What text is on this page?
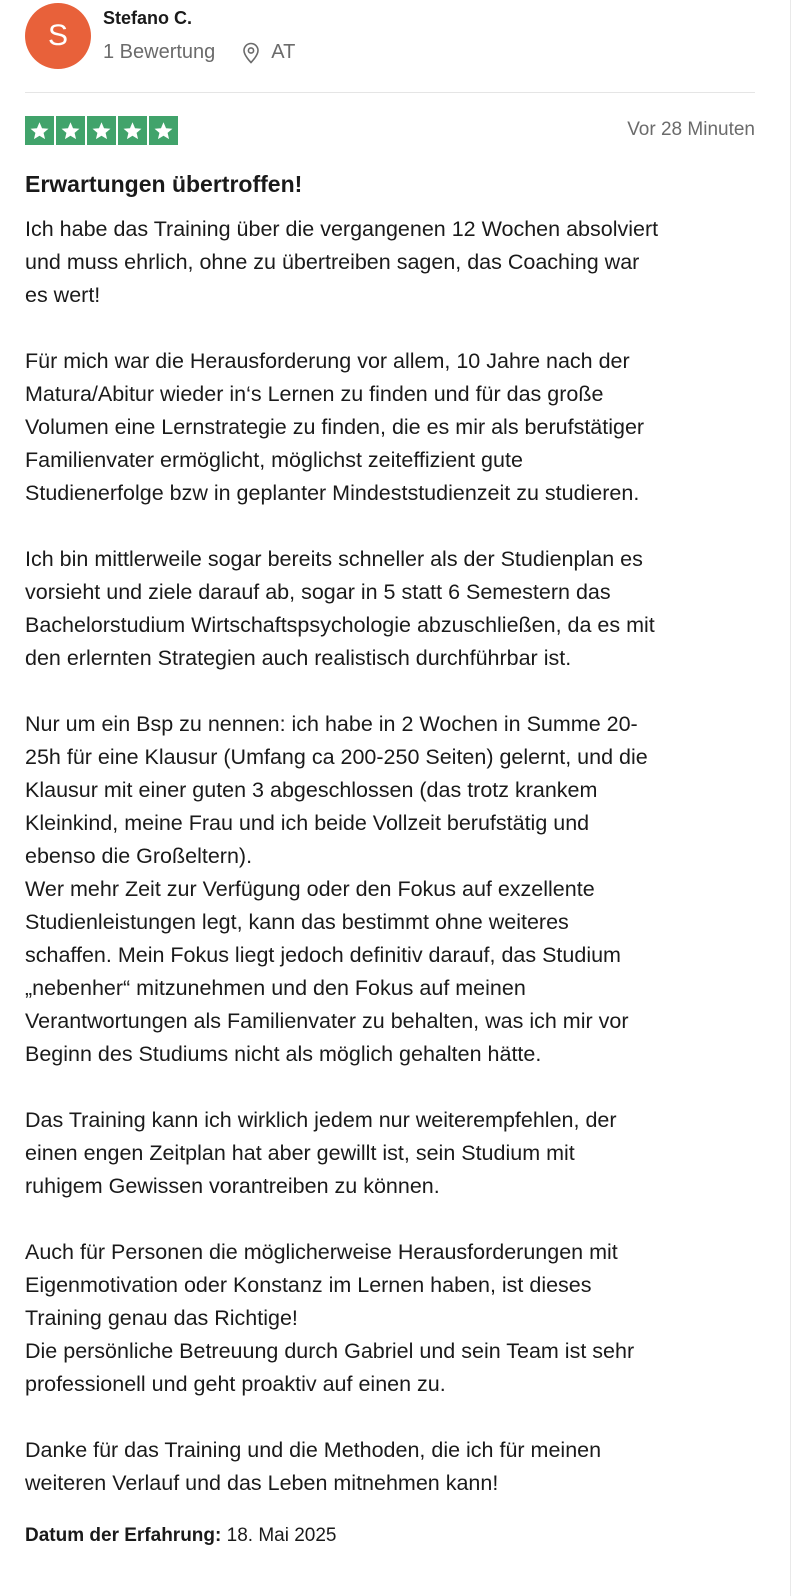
S
Stefano C.
1 Bewertung	AT
Vor 28 Minuten
Erwartungen übertroffen!

Ich habe das Training über die vergangenen 12 Wochen absolviert
und muss ehrlich, ohne zu übertreiben sagen, das Coaching war
es wert!

Für mich war die Herausforderung vor allem, 10 Jahre nach der
Matura/Abitur wieder in‘s Lernen zu finden und für das große
Volumen eine Lernstrategie zu finden, die es mir als berufstätiger
Familienvater ermöglicht, möglichst zeiteffizient gute
Studienerfolge bzw in geplanter Mindeststudienzeit zu studieren.

Ich bin mittlerweile sogar bereits schneller als der Studienplan es
vorsieht und ziele darauf ab, sogar in 5 statt 6 Semestern das
Bachelorstudium Wirtschaftspsychologie abzuschließen, da es mit
den erlernten Strategien auch realistisch durchführbar ist.

Nur um ein Bsp zu nennen: ich habe in 2 Wochen in Summe 20-
25h für eine Klausur (Umfang ca 200-250 Seiten) gelernt, und die
Klausur mit einer guten 3 abgeschlossen (das trotz krankem
Kleinkind, meine Frau und ich beide Vollzeit berufstätig und
ebenso die Großeltern).
Wer mehr Zeit zur Verfügung oder den Fokus auf exzellente
Studienleistungen legt, kann das bestimmt ohne weiteres
schaffen. Mein Fokus liegt jedoch definitiv darauf, das Studium
„nebenher“ mitzunehmen und den Fokus auf meinen
Verantwortungen als Familienvater zu behalten, was ich mir vor
Beginn des Studiums nicht als möglich gehalten hätte.

Das Training kann ich wirklich jedem nur weiterempfehlen, der
einen engen Zeitplan hat aber gewillt ist, sein Studium mit
ruhigem Gewissen vorantreiben zu können.

Auch für Personen die möglicherweise Herausforderungen mit
Eigenmotivation oder Konstanz im Lernen haben, ist dieses
Training genau das Richtige!
Die persönliche Betreuung durch Gabriel und sein Team ist sehr
professionell und geht proaktiv auf einen zu.

Danke für das Training und die Methoden, die ich für meinen
weiteren Verlauf und das Leben mitnehmen kann!

Datum der Erfahrung: 18. Mai 2025
